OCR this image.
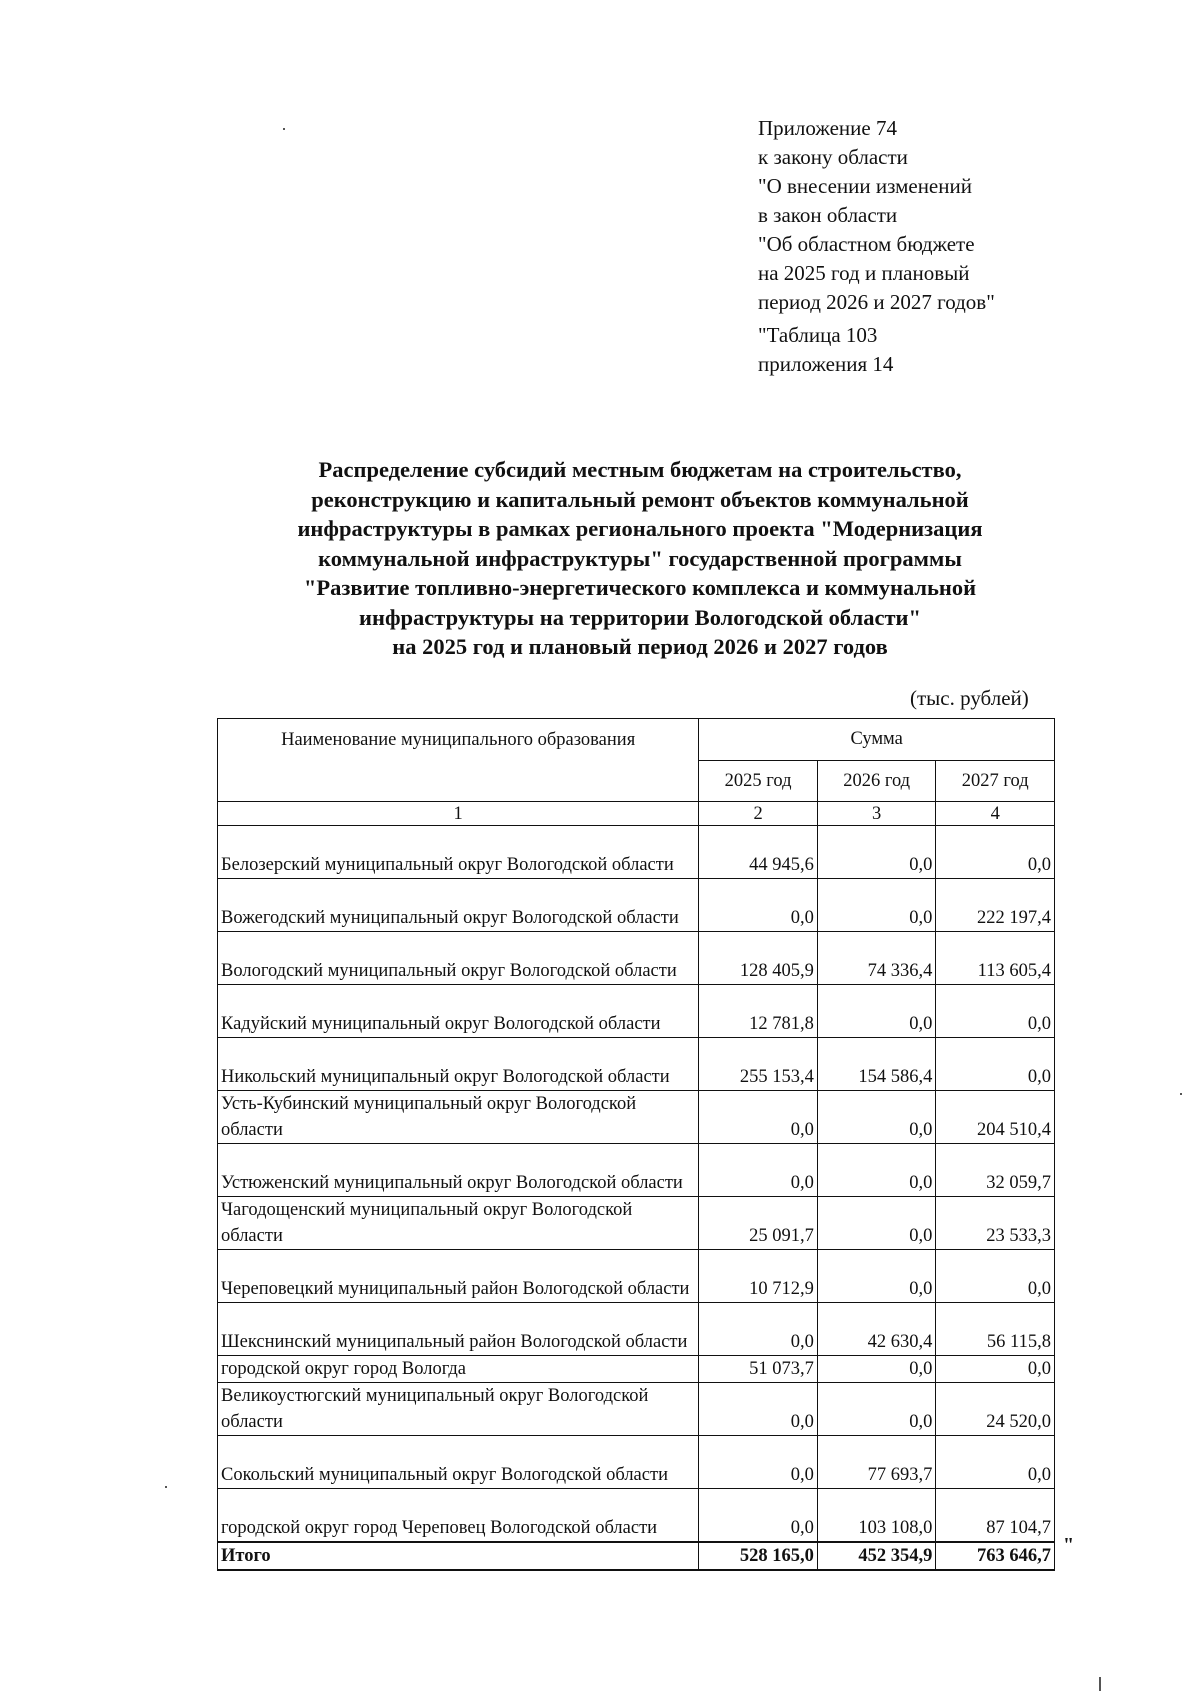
Приложение 74
к закону области
"О внесении изменений
в закон области
"Об областном бюджете
на 2025 год и плановый
период 2026 и 2027 годов"
"Таблица 103
приложения 14
Распределение субсидий местным бюджетам на строительство,
реконструкцию и капитальный ремонт объектов коммунальной
инфраструктуры в рамках регионального проекта "Модернизация
коммунальной инфраструктуры" государственной программы
"Развитие топливно-энергетического комплекса и коммунальной
инфраструктуры на территории Вологодской области"
на 2025 год и плановый период 2026 и 2027 годов
(тыс. рублей)
Наименование муниципального образования	Сумма		
	2025 год	2026 год	2027 год
1	2	3	4
Белозерский муниципальный округ Вологодской области	44 945,6	0,0	0,0
Вожегодский муниципальный округ Вологодской области	0,0	0,0	222 197,4
Вологодский муниципальный округ Вологодской области	128 405,9	74 336,4	113 605,4
Кадуйский муниципальный округ Вологодской области	12 781,8	0,0	0,0
Никольский муниципальный округ Вологодской области	255 153,4	154 586,4	0,0
Усть-Кубинский муниципальный округ Вологодской области	0,0	0,0	204 510,4
Устюженский муниципальный округ Вологодской области	0,0	0,0	32 059,7
Чагодощенский муниципальный округ Вологодской области	25 091,7	0,0	23 533,3
Череповецкий муниципальный район Вологодской области	10 712,9	0,0	0,0
Шекснинский муниципальный район Вологодской области	0,0	42 630,4	56 115,8
городской округ город Вологда	51 073,7	0,0	0,0
Великоустюгский муниципальный округ Вологодской области	0,0	0,0	24 520,0
Сокольский муниципальный округ Вологодской области	0,0	77 693,7	0,0
городской округ город Череповец Вологодской области	0,0	103 108,0	87 104,7
Итого	528 165,0	452 354,9	763 646,7 "
